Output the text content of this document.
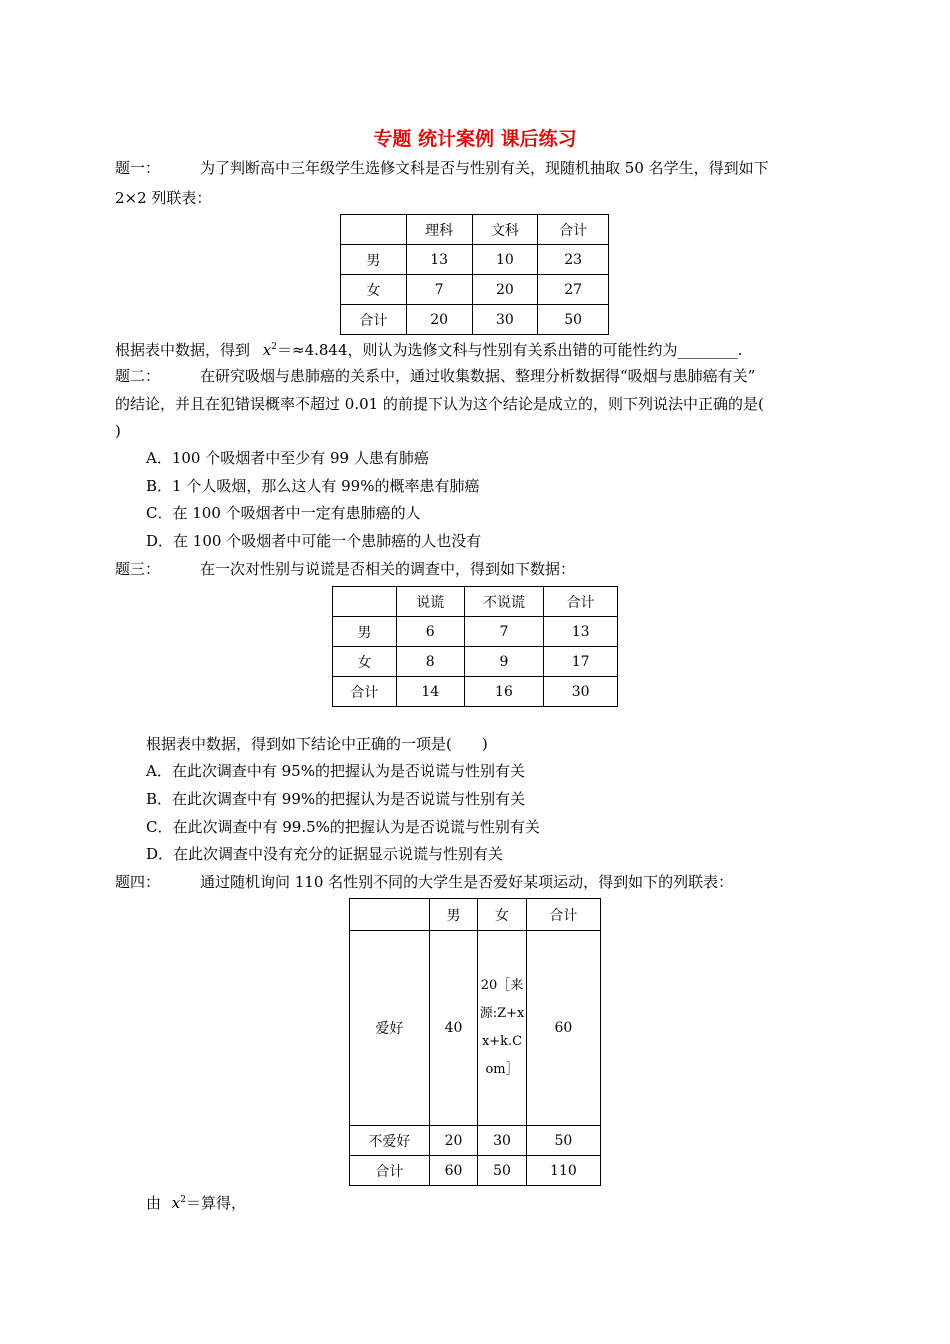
专题 统计案例 课后练习
题一：	为了判断高中三年级学生选修文科是否与性别有关，现随机抽取 50 名学生，得到如下
2×2 列联表：
	理科	文科	合计
男	13	10	23
女	7	20	27
合计	20	30	50
根据表中数据，得到 $x^2=\approx 4.844$，则认为选修文科与性别有关系出错的可能性约为________.
题二：	在研究吸烟与患肺癌的关系中，通过收集数据、整理分析数据得“吸烟与患肺癌有关”
的结论，并且在犯错误概率不超过 0.01 的前提下认为这个结论是成立的，则下列说法中正确的是(
)
A．100 个吸烟者中至少有 99 人患有肺癌
B．1 个人吸烟，那么这人有 99%的概率患有肺癌
C．在 100 个吸烟者中一定有患肺癌的人
D．在 100 个吸烟者中可能一个患肺癌的人也没有
题三：	在一次对性别与说谎是否相关的调查中，得到如下数据：
	说谎	不说谎	合计
男	6	7	13
女	8	9	17
合计	14	16	30
根据表中数据，得到如下结论中正确的一项是(　　)
A．在此次调查中有 95%的把握认为是否说谎与性别有关
B．在此次调查中有 99%的把握认为是否说谎与性别有关
C．在此次调查中有 99.5%的把握认为是否说谎与性别有关
D．在此次调查中没有充分的证据显示说谎与性别有关
题四：	通过随机询问 110 名性别不同的大学生是否爱好某项运动，得到如下的列联表：
	男	女	合计
爱好	40	20［来源:Z+xx+k.Com］	60
不爱好	20	30	50
合计	60	50	110
由 $x^2=$算得，
